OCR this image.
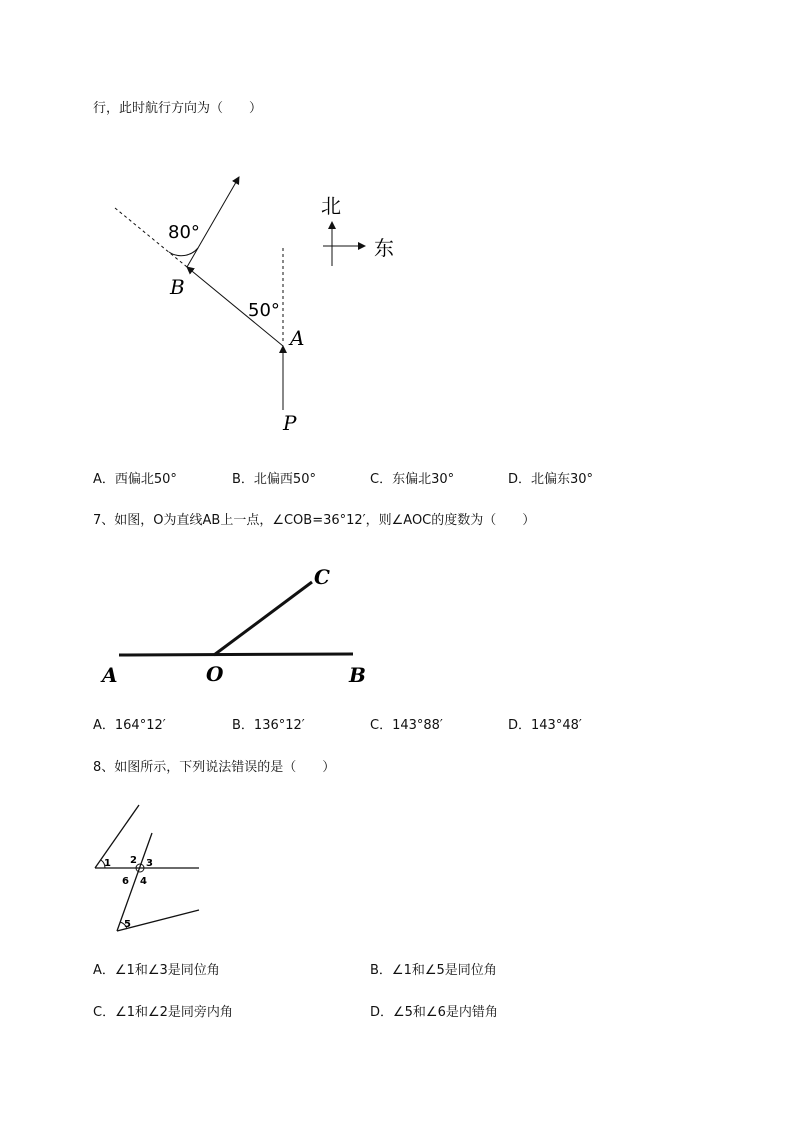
行，此时航行方向为（　　）
北
东
80°
50°
A
B
P
A．西偏北50°	B．北偏西50°	C．东偏北30°	D．北偏东30°
7、如图，O为直线AB上一点，∠COB=36°12′，则∠AOC的度数为（　　）
A	O	B
C
A．164°12′	B．136°12′	C．143°88′	D．143°48′
8、如图所示，下列说法错误的是（　　）
1 2 3
4
5
6
A．∠1和∠3是同位角	B．∠1和∠5是同位角
C．∠1和∠2是同旁内角	D．∠5和∠6是内错角
